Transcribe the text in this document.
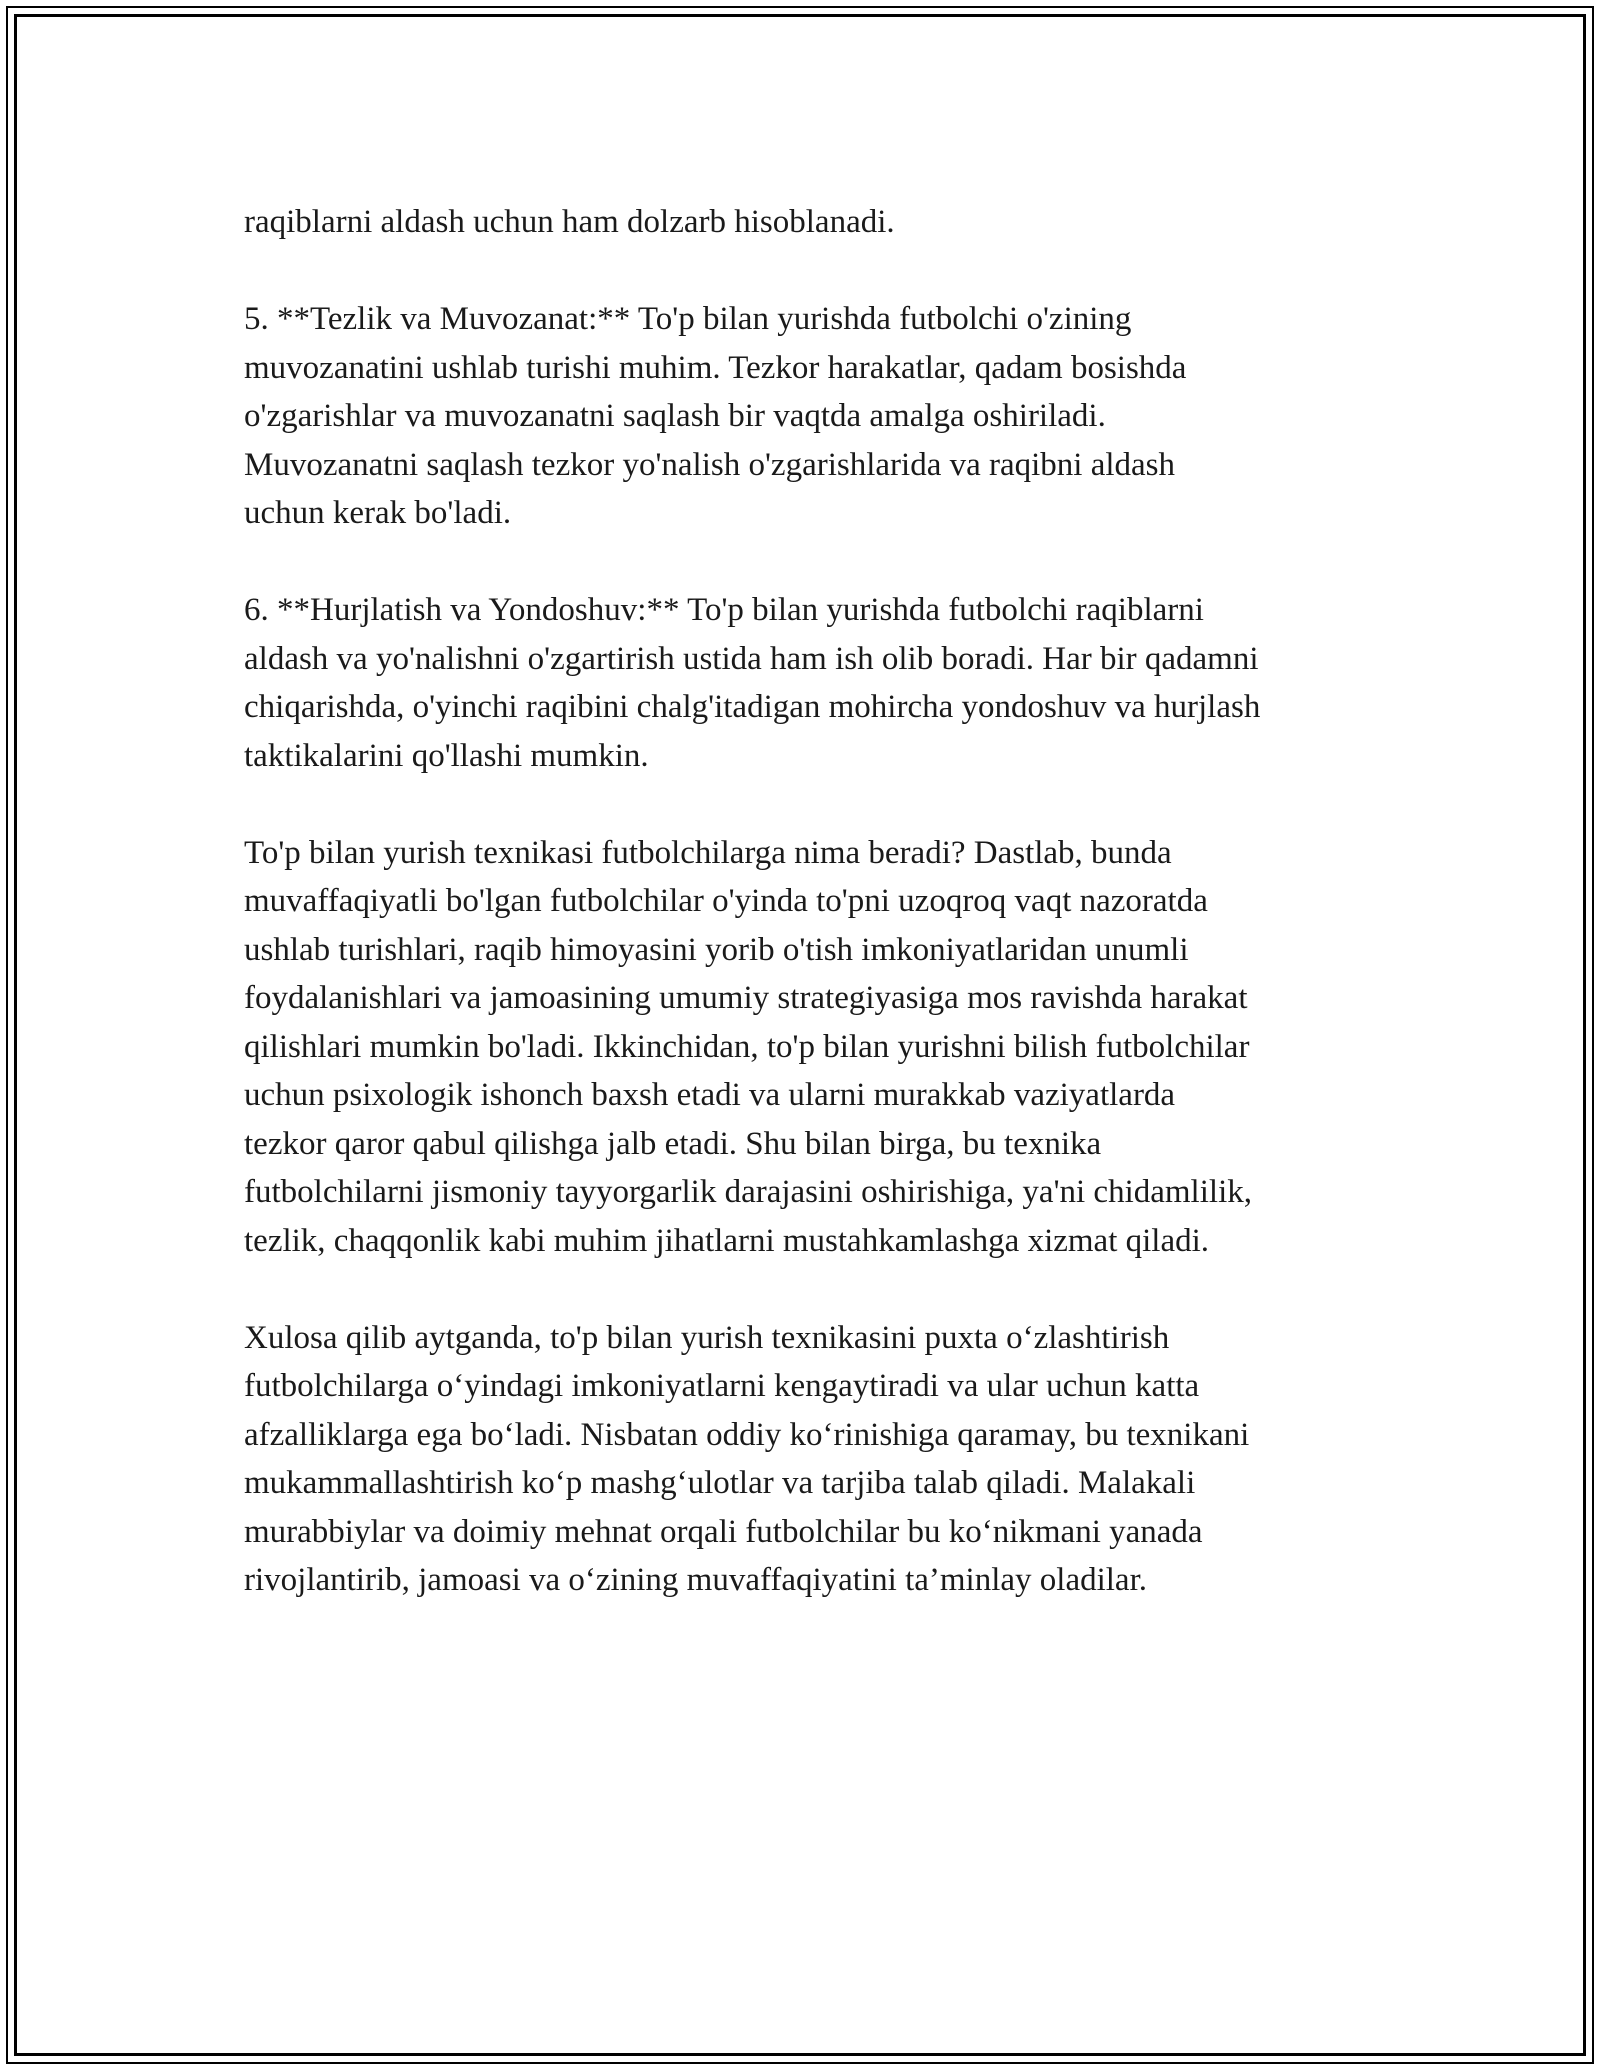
raqiblarni aldash uchun ham dolzarb hisoblanadi.

5. **Tezlik va Muvozanat:** To'p bilan yurishda futbolchi o'zining
muvozanatini ushlab turishi muhim. Tezkor harakatlar, qadam bosishda
o'zgarishlar va muvozanatni saqlash bir vaqtda amalga oshiriladi.
Muvozanatni saqlash tezkor yo'nalish o'zgarishlarida va raqibni aldash
uchun kerak bo'ladi.

6. **Hurjlatish va Yondoshuv:** To'p bilan yurishda futbolchi raqiblarni
aldash va yo'nalishni o'zgartirish ustida ham ish olib boradi. Har bir qadamni
chiqarishda, o'yinchi raqibini chalg'itadigan mohircha yondoshuv va hurjlash
taktikalarini qo'llashi mumkin.

To'p bilan yurish texnikasi futbolchilarga nima beradi? Dastlab, bunda
muvaffaqiyatli bo'lgan futbolchilar o'yinda to'pni uzoqroq vaqt nazoratda
ushlab turishlari, raqib himoyasini yorib o'tish imkoniyatlaridan unumli
foydalanishlari va jamoasining umumiy strategiyasiga mos ravishda harakat
qilishlari mumkin bo'ladi. Ikkinchidan, to'p bilan yurishni bilish futbolchilar
uchun psixologik ishonch baxsh etadi va ularni murakkab vaziyatlarda
tezkor qaror qabul qilishga jalb etadi. Shu bilan birga, bu texnika
futbolchilarni jismoniy tayyorgarlik darajasini oshirishiga, ya'ni chidamlilik,
tezlik, chaqqonlik kabi muhim jihatlarni mustahkamlashga xizmat qiladi.

Xulosa qilib aytganda, to'p bilan yurish texnikasini puxta o‘zlashtirish
futbolchilarga o‘yindagi imkoniyatlarni kengaytiradi va ular uchun katta
afzalliklarga ega bo‘ladi. Nisbatan oddiy ko‘rinishiga qaramay, bu texnikani
mukammallashtirish ko‘p mashg‘ulotlar va tarjiba talab qiladi. Malakali
murabbiylar va doimiy mehnat orqali futbolchilar bu ko‘nikmani yanada
rivojlantirib, jamoasi va o‘zining muvaffaqiyatini ta’minlay oladilar.
